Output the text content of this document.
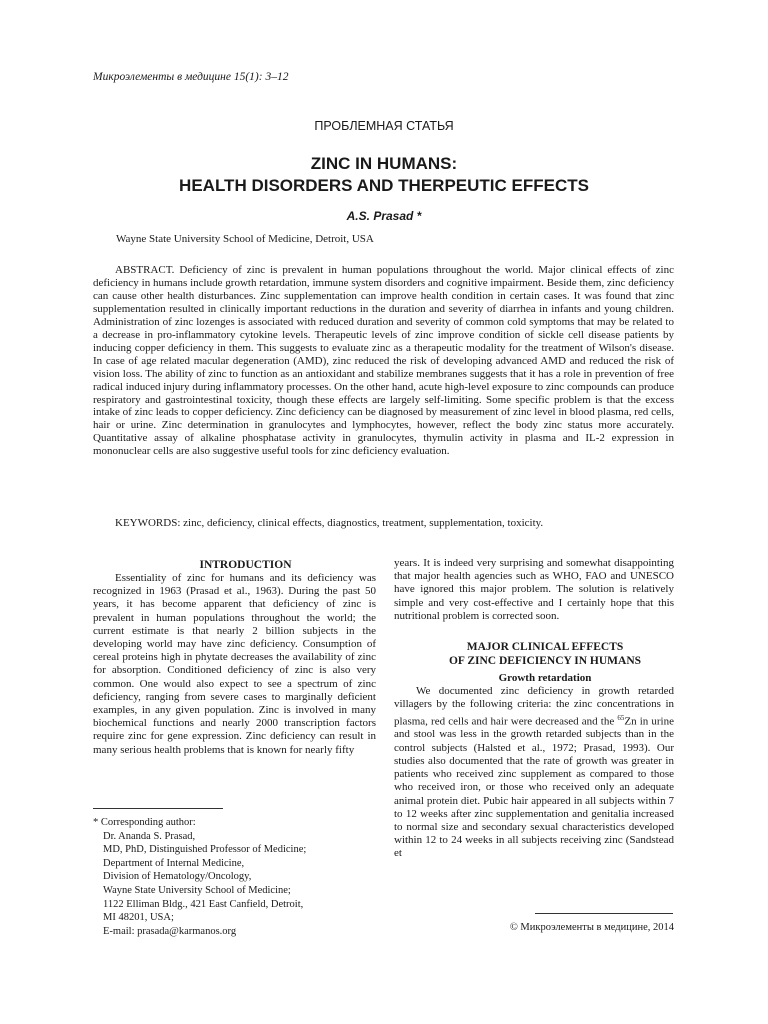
Микроэлементы в медицине 15(1): 3–12
ПРОБЛЕМНАЯ СТАТЬЯ
ZINC IN HUMANS:
HEALTH DISORDERS AND THERPEUTIC EFFECTS
A.S. Prasad *
Wayne State University School of Medicine, Detroit, USA

ABSTRACT. Deficiency of zinc is prevalent in human populations throughout the world. Major clinical effects of zinc deficiency in humans include growth retardation, immune system disorders and cognitive impairment. Beside them, zinc deficiency can cause other health disturbances. Zinc supplementation can improve health condition in certain cases. It was found that zinc supplementation resulted in clinically important reductions in the duration and severity of diarrhea in infants and young children. Administration of zinc lozenges is associated with reduced duration and severity of common cold symptoms that may be related to a decrease in pro-inflammatory cytokine levels. Therapeutic levels of zinc improve condition of sickle cell disease patients by inducing copper deficiency in them. This suggests to evaluate zinc as a therapeutic modality for the treatment of Wilson's disease. In case of age related macular degeneration (AMD), zinc reduced the risk of developing advanced AMD and reduced the risk of vision loss. The ability of zinc to function as an antioxidant and stabilize membranes suggests that it has a role in prevention of free radical induced injury during inflammatory processes. On the other hand, acute high-level exposure to zinc compounds can produce respiratory and gastrointestinal toxicity, though these effects are largely self-limiting. Some specific problem is that the excess intake of zinc leads to copper deficiency. Zinc deficiency can be diagnosed by measurement of zinc level in blood plasma, red cells, hair or urine. Zinc determination in granulocytes and lymphocytes, however, reflect the body zinc status more accurately. Quantitative assay of alkaline phosphatase activity in granulocytes, thymulin activity in plasma and IL-2 expression in mononuclear cells are also suggestive useful tools for zinc deficiency evaluation.

KEYWORDS: zinc, deficiency, clinical effects, diagnostics, treatment, supplementation, toxicity.

INTRODUCTION

Essentiality of zinc for humans and its deficiency was recognized in 1963 (Prasad et al., 1963). During the past 50 years, it has become apparent that deficiency of zinc is prevalent in human populations throughout the world; the current estimate is that nearly 2 billion subjects in the developing world may have zinc deficiency. Consumption of cereal proteins high in phytate decreases the availability of zinc for absorption. Conditioned deficiency of zinc is also very common. One would also expect to see a spectrum of zinc deficiency, ranging from severe cases to marginally deficient examples, in any given population. Zinc is involved in many biochemical functions and nearly 2000 transcription factors require zinc for gene expression. Zinc deficiency can result in many serious health problems that is known for nearly fifty

years. It is indeed very surprising and somewhat disappointing that major health agencies such as WHO, FAO and UNESCO have ignored this major problem. The solution is relatively simple and very cost-effective and I certainly hope that this nutritional problem is corrected soon.

MAJOR CLINICAL EFFECTS

OF ZINC DEFICIENCY IN HUMANS

Growth retardation

We documented zinc deficiency in growth retarded villagers by the following criteria: the zinc concentrations in plasma, red cells and hair were decreased and the $^{65}$Zn in urine and stool was less in the growth retarded subjects than in the control subjects (Halsted et al., 1972; Prasad, 1993). Our studies also documented that the rate of growth was greater in patients who received zinc supplement as compared to those who received iron, or those who received only an adequate animal protein diet. Pubic hair appeared in all subjects within 7 to 12 weeks after zinc supplementation and genitalia increased to normal size and secondary sexual characteristics developed within 12 to 24 weeks in all subjects receiving zinc (Sandstead et

* Corresponding author:
Dr. Ananda S. Prasad,
MD, PhD, Distinguished Professor of Medicine;
Department of Internal Medicine,
Division of Hematology/Oncology,
Wayne State University School of Medicine;
1122 Elliman Bldg., 421 East Canfield, Detroit,
MI 48201, USA;
E-mail: prasada@karmanos.org	© Микроэлементы в медицине, 2014
